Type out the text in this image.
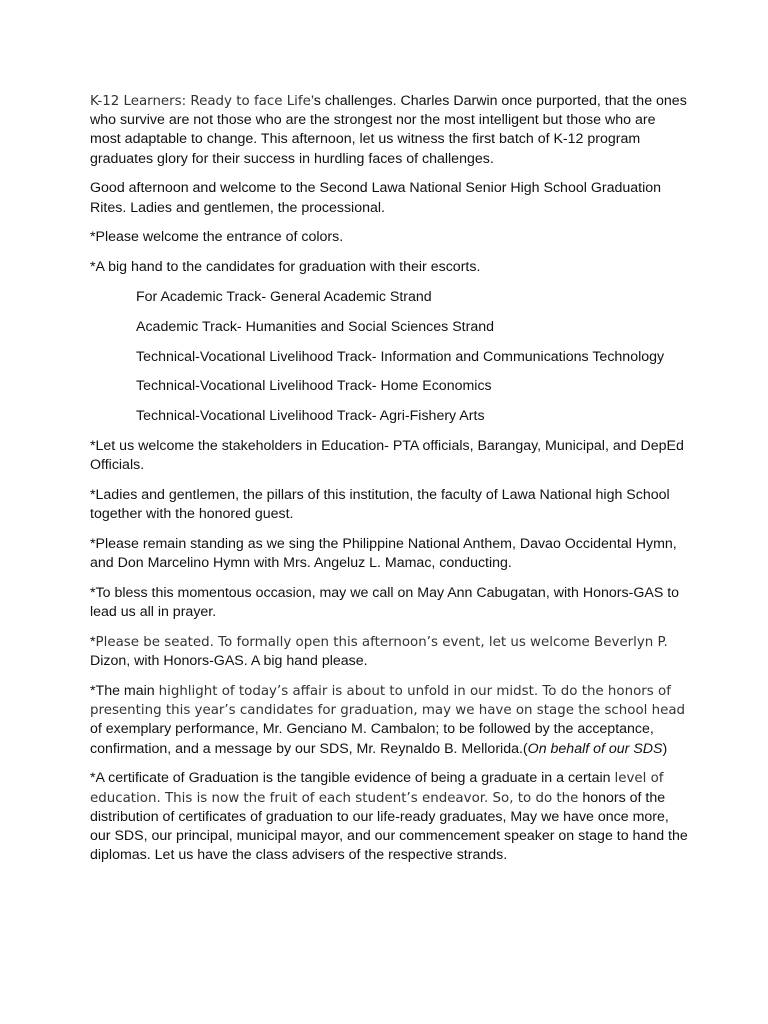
K-12 Learners: Ready to face Life’s challenges. Charles Darwin once purported, that the ones who survive are not those who are the strongest nor the most intelligent but those who are most adaptable to change. This afternoon, let us witness the first batch of K-12 program graduates glory for their success in hurdling faces of challenges.

Good afternoon and welcome to the Second Lawa National Senior High School Graduation Rites. Ladies and gentlemen, the processional.

*Please welcome the entrance of colors.

*A big hand to the candidates for graduation with their escorts.

For Academic Track- General Academic Strand

Academic Track- Humanities and Social Sciences Strand

Technical-Vocational Livelihood Track- Information and Communications Technology

Technical-Vocational Livelihood Track- Home Economics

Technical-Vocational Livelihood Track- Agri-Fishery Arts

*Let us welcome the stakeholders in Education- PTA officials, Barangay, Municipal, and DepEd Officials.

*Ladies and gentlemen, the pillars of this institution, the faculty of Lawa National high School together with the honored guest.

*Please remain standing as we sing the Philippine National Anthem, Davao Occidental Hymn, and Don Marcelino Hymn with Mrs. Angeluz L. Mamac, conducting.

*To bless this momentous occasion, may we call on May Ann Cabugatan, with Honors-GAS to lead us all in prayer.

*Please be seated. To formally open this afternoon’s event, let us welcome Beverlyn P.
Dizon, with Honors-GAS. A big hand please.

*The main highlight of today’s affair is about to unfold in our midst. To do the honors of presenting this year’s candidates for graduation, may we have on stage the school head of exemplary performance, Mr. Genciano M. Cambalon; to be followed by the acceptance, confirmation, and a message by our SDS, Mr. Reynaldo B. Mellorida.(On behalf of our SDS)

*A certificate of Graduation is the tangible evidence of being a graduate in a certain level of education. This is now the fruit of each student’s endeavor. So, to do the honors of the distribution of certificates of graduation to our life-ready graduates, May we have once more, our SDS, our principal, municipal mayor, and our commencement speaker on stage to hand the diplomas. Let us have the class advisers of the respective strands.
